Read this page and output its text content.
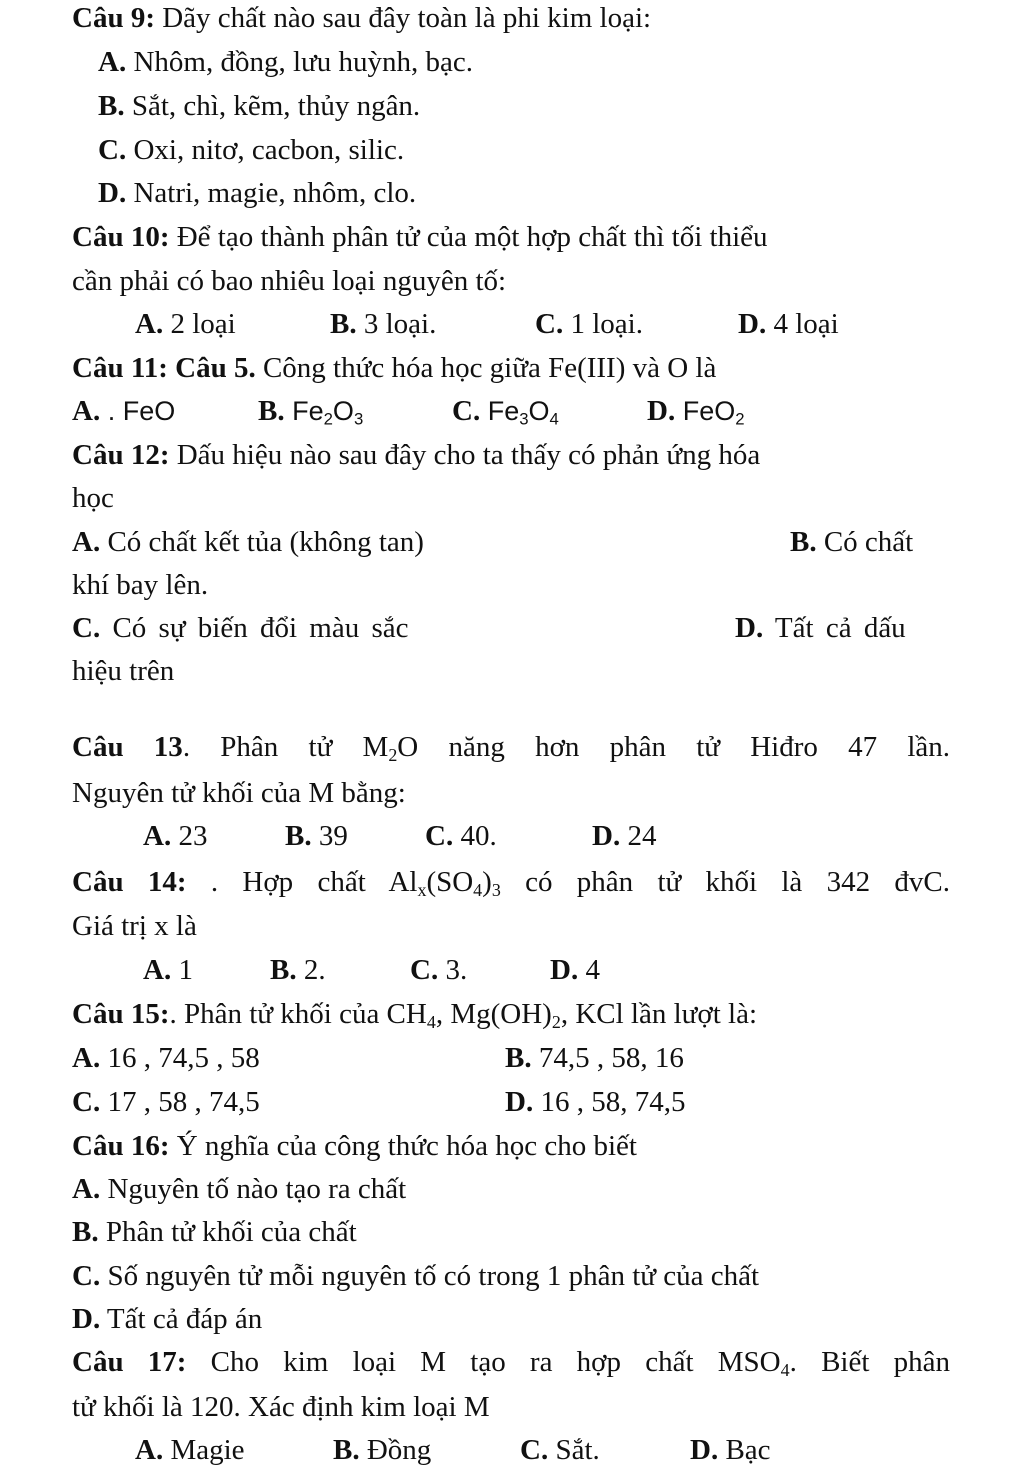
Câu 9: Dãy chất nào sau đây toàn là phi kim loại:
A. Nhôm, đồng, lưu huỳnh, bạc.
B. Sắt, chì, kẽm, thủy ngân.
C. Oxi, nitơ, cacbon, silic.
D. Natri, magie, nhôm, clo.
Câu 10: Để tạo thành phân tử của một hợp chất thì tối thiểu
cần phải có bao nhiêu loại nguyên tố:
A. 2 loại	B. 3 loại.	C. 1 loại.	D. 4 loại
Câu 11: Câu 5. Công thức hóa học giữa Fe(III) và O là
A. . FeO	B. $Fe_2O_3$	C. $Fe_3O_4$	D. FeO$_2$
Câu 12: Dấu hiệu nào sau đây cho ta thấy có phản ứng hóa
học
A. Có chất kết tủa (không tan)	B. Có chất
khí bay lên.
C. Có sự biến đổi màu sắc	D. Tất cả dấu
hiệu trên
Câu 13. Phân tử $M_2O$ năng hơn phân tử Hiđro 47 lần.
Nguyên tử khối của M bằng:
A. 23	B. 39	C. 40.	D. 24
Câu 14: . Hợp chất $Al_x(SO_4)_3$ có phân tử khối là 342 đvC.
Giá trị x là
A. 1	B. 2.	C. 3.	D. 4
Câu 15:. Phân tử khối của $CH_4$, $Mg(OH)_2$, KCl lần lượt là:
A. 16 , 74,5 , 58	B. 74,5 , 58, 16
C. 17 , 58 , 74,5	D. 16 , 58, 74,5
Câu 16: Ý nghĩa của công thức hóa học cho biết
A. Nguyên tố nào tạo ra chất
B. Phân tử khối của chất
C. Số nguyên tử mỗi nguyên tố có trong 1 phân tử của chất
D. Tất cả đáp án
Câu 17: Cho kim loại M tạo ra hợp chất $MSO_4$. Biết phân
tử khối là 120. Xác định kim loại M
A. Magie	B. Đồng	C. Sắt.	D. Bạc
